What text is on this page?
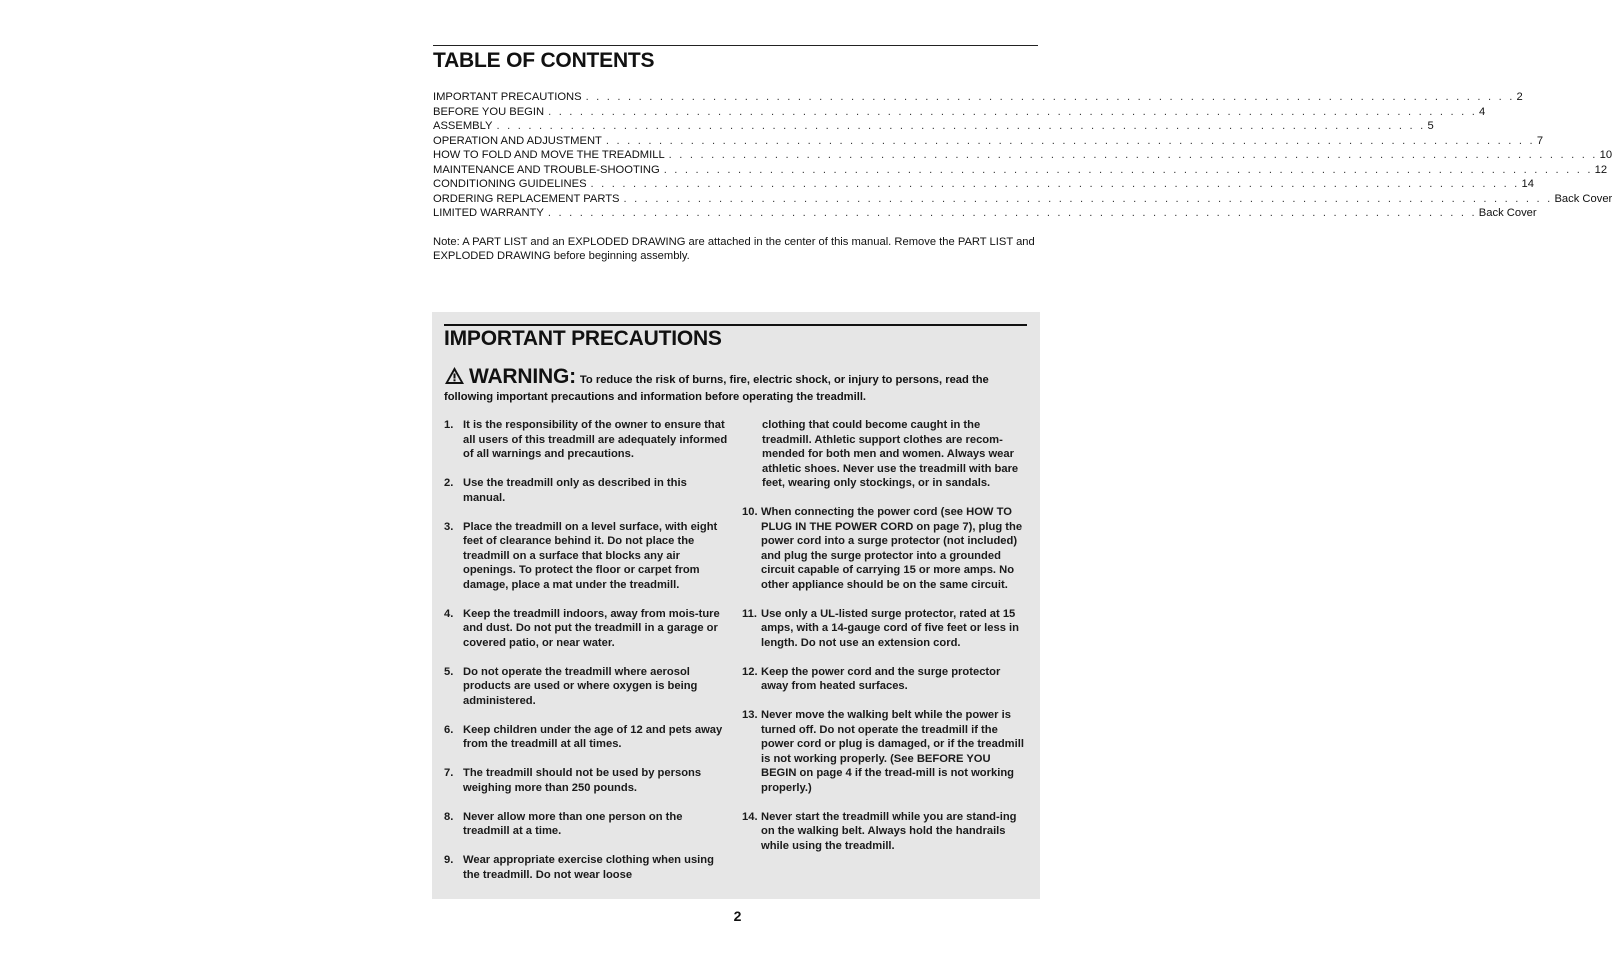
TABLE OF CONTENTS
IMPORTANT PRECAUTIONS . . . . . . . . . . . . . . . . . . . . . . . . . . . . . . . . . . . . . . . . . . . . . . . . . . . . . . . . . . . . . . . . . . . . . . . . . . . . . . . . . . . . . . . . 2
BEFORE YOU BEGIN . . . . . . . . . . . . . . . . . . . . . . . . . . . . . . . . . . . . . . . . . . . . . . . . . . . . . . . . . . . . . . . . . . . . . . . . . . . . . . . . . . . . . . . . 4
ASSEMBLY . . . . . . . . . . . . . . . . . . . . . . . . . . . . . . . . . . . . . . . . . . . . . . . . . . . . . . . . . . . . . . . . . . . . . . . . . . . . . . . . . . . . . . . . 5
OPERATION AND ADJUSTMENT . . . . . . . . . . . . . . . . . . . . . . . . . . . . . . . . . . . . . . . . . . . . . . . . . . . . . . . . . . . . . . . . . . . . . . . . . . . . . . . . . . . . . . . . 7
HOW TO FOLD AND MOVE THE TREADMILL . . . . . . . . . . . . . . . . . . . . . . . . . . . . . . . . . . . . . . . . . . . . . . . . . . . . . . . . . . . . . . . . . . . . . . . . . . . . . . . . . . . . . . . . 10
MAINTENANCE AND TROUBLE-SHOOTING . . . . . . . . . . . . . . . . . . . . . . . . . . . . . . . . . . . . . . . . . . . . . . . . . . . . . . . . . . . . . . . . . . . . . . . . . . . . . . . . . . . . . . . . 12
CONDITIONING GUIDELINES . . . . . . . . . . . . . . . . . . . . . . . . . . . . . . . . . . . . . . . . . . . . . . . . . . . . . . . . . . . . . . . . . . . . . . . . . . . . . . . . . . . . . . . . 14
ORDERING REPLACEMENT PARTS . . . . . . . . . . . . . . . . . . . . . . . . . . . . . . . . . . . . . . . . . . . . . . . . . . . . . . . . . . . . . . . . . . . . . . . . . . . . . . . . . . . . . . . . Back Cover
LIMITED WARRANTY . . . . . . . . . . . . . . . . . . . . . . . . . . . . . . . . . . . . . . . . . . . . . . . . . . . . . . . . . . . . . . . . . . . . . . . . . . . . . . . . . . . . . . . . Back Cover
Note: A PART LIST and an EXPLODED DRAWING are attached in the center of this manual. Remove the PART LIST and EXPLODED DRAWING before beginning assembly.
IMPORTANT PRECAUTIONS
WARNING: To reduce the risk of burns, fire, electric shock, or injury to persons, read the following important precautions and information before operating the treadmill.
1. It is the responsibility of the owner to ensure that all users of this treadmill are adequately informed of all warnings and precautions.
2. Use the treadmill only as described in this manual.
3. Place the treadmill on a level surface, with eight feet of clearance behind it. Do not place the treadmill on a surface that blocks any air openings. To protect the floor or carpet from damage, place a mat under the treadmill.
4. Keep the treadmill indoors, away from mois-ture and dust. Do not put the treadmill in a garage or covered patio, or near water.
5. Do not operate the treadmill where aerosol products are used or where oxygen is being administered.
6. Keep children under the age of 12 and pets away from the treadmill at all times.
7. The treadmill should not be used by persons weighing more than 250 pounds.
8. Never allow more than one person on the treadmill at a time.
9. Wear appropriate exercise clothing when using the treadmill. Do not wear loose
clothing that could become caught in the treadmill. Athletic support clothes are recom-mended for both men and women. Always wear athletic shoes. Never use the treadmill with bare feet, wearing only stockings, or in sandals.
10. When connecting the power cord (see HOW TO PLUG IN THE POWER CORD on page 7), plug the power cord into a surge protector (not included) and plug the surge protector into a grounded circuit capable of carrying 15 or more amps. No other appliance should be on the same circuit.
11. Use only a UL-listed surge protector, rated at 15 amps, with a 14-gauge cord of five feet or less in length. Do not use an extension cord.
12. Keep the power cord and the surge protector away from heated surfaces.
13. Never move the walking belt while the power is turned off. Do not operate the treadmill if the power cord or plug is damaged, or if the treadmill is not working properly. (See BEFORE YOU BEGIN on page 4 if the tread-mill is not working properly.)
14. Never start the treadmill while you are stand-ing on the walking belt. Always hold the handrails while using the treadmill.
2
